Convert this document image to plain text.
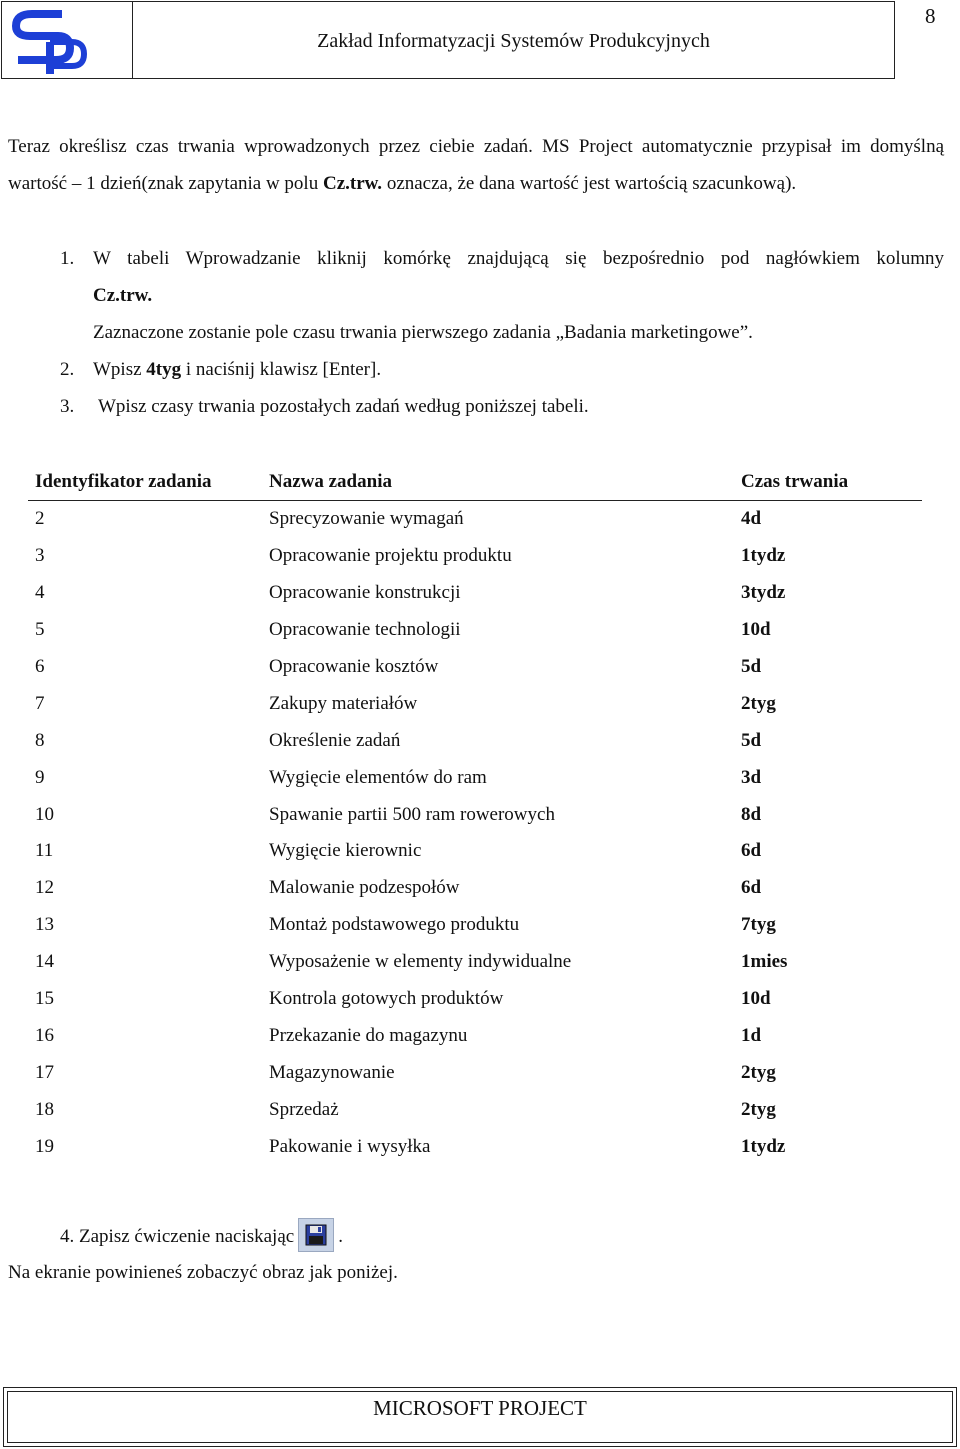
Zakład Informatyzacji Systemów Produkcyjnych
8

Teraz określisz czas trwania wprowadzonych przez ciebie zadań. MS Project automatycznie przypisał im domyślną wartość – 1 dzień(znak zapytania w polu Cz.trw. oznacza, że dana wartość jest wartością szacunkową).

1. W tabeli Wprowadzanie kliknij komórkę znajdującą się bezpośrednio pod nagłówkiem kolumny
Cz.trw.
Zaznaczone zostanie pole czasu trwania pierwszego zadania „Badania marketingowe”.
2. Wpisz 4tyg i naciśnij klawisz [Enter].
3.	Wpisz czasy trwania pozostałych zadań według poniższej tabeli.
Identyfikator zadania	Nazwa zadania	Czas trwania
2	Sprecyzowanie wymagań	4d
3	Opracowanie projektu produktu	1tydz
4	Opracowanie konstrukcji	3tydz
5	Opracowanie technologii	10d
6	Opracowanie kosztów	5d
7	Zakupy materiałów	2tyg
8	Określenie zadań	5d
9	Wygięcie elementów do ram	3d
10	Spawanie partii 500 ram rowerowych	8d
11	Wygięcie kierownic	6d
12	Malowanie podzespołów	6d
13	Montaż podstawowego produktu	7tyg
14	Wyposażenie w elementy indywidualne	1mies
15	Kontrola gotowych produktów	10d
16	Przekazanie do magazynu	1d
17	Magazynowanie	2tyg
18	Sprzedaż	2tyg
19	Pakowanie i wysyłka	1tydz
4. Zapisz ćwiczenie naciskając .
Na ekranie powinieneś zobaczyć obraz jak poniżej.
MICROSOFT PROJECT
